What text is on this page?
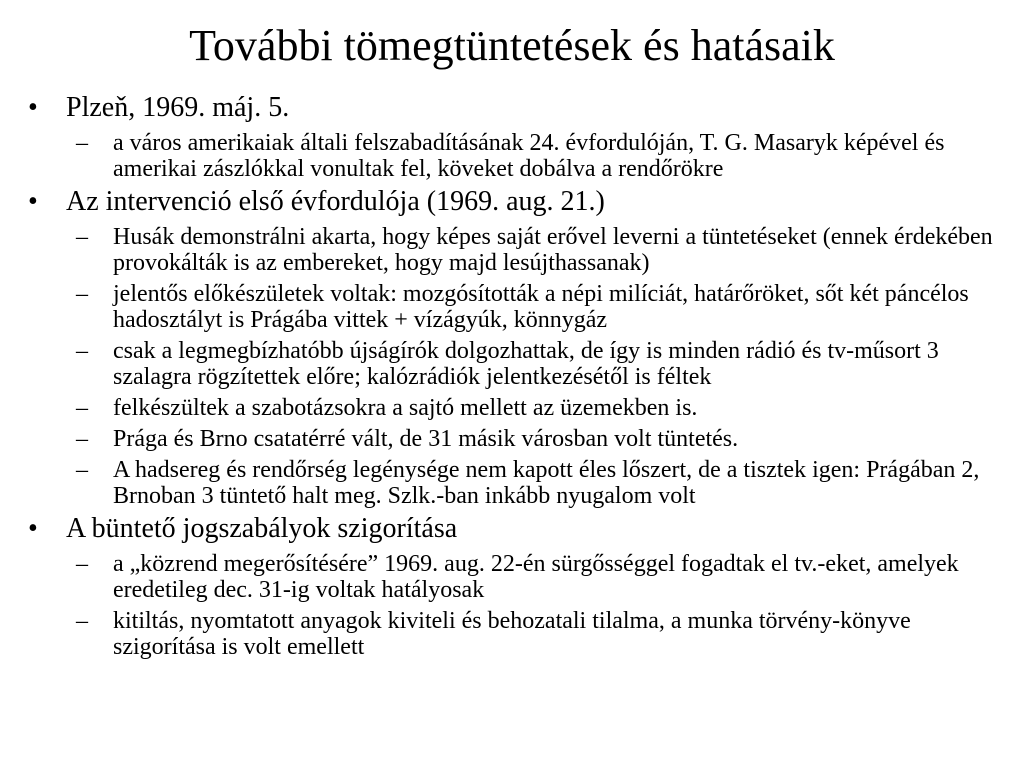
További tömegtüntetések és hatásaik
•	Plzeň, 1969. máj. 5.
– a város amerikaiak általi felszabadításának 24. évfordulóján, T. G. Masaryk képével és amerikai zászlókkal vonultak fel, köveket dobálva a rendőrökre
•	Az intervenció első évfordulója (1969. aug. 21.)
– Husák demonstrálni akarta, hogy képes saját erővel leverni a tüntetéseket (ennek érdekében provokálták is az embereket, hogy majd lesújthassanak)
– jelentős előkészületek voltak: mozgósították a népi milíciát, határőröket, sőt két páncélos hadosztályt is Prágába vittek + vízágyúk, könnygáz
– csak a legmegbízhatóbb újságírók dolgozhattak, de így is minden rádió és tv-műsort 3 szalagra rögzítettek előre; kalózrádiók jelentkezésétől is féltek
– felkészültek a szabotázsokra a sajtó mellett az üzemekben is.
– Prága és Brno csatatérré vált, de 31 másik városban volt tüntetés.
– A hadsereg és rendőrség legénysége nem kapott éles lőszert, de a tisztek igen: Prágában 2, Brnoban 3 tüntető halt meg. Szlk.-ban inkább nyugalom volt
•	A büntető jogszabályok szigorítása
– a „közrend megerősítésére” 1969. aug. 22-én sürgősséggel fogadtak el tv.-eket, amelyek eredetileg dec. 31-ig voltak hatályosak
– kitiltás, nyomtatott anyagok kiviteli és behozatali tilalma, a munka törvény-könyve szigorítása is volt emellett
